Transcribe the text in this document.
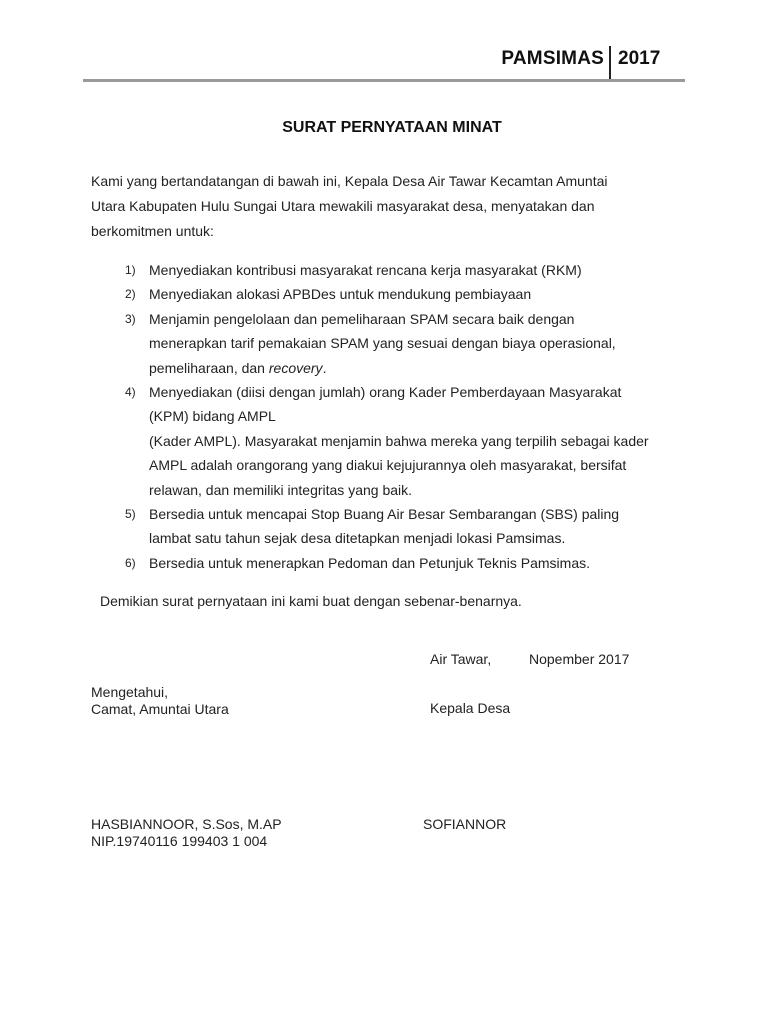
PAMSIMAS 2017
SURAT PERNYATAAN MINAT
Kami yang bertandatangan di bawah ini, Kepala Desa Air Tawar Kecamtan Amuntai
Utara Kabupaten Hulu Sungai Utara mewakili masyarakat desa, menyatakan dan
berkomitmen untuk:
1) Menyediakan kontribusi masyarakat rencana kerja masyarakat (RKM)
2) Menyediakan alokasi APBDes untuk mendukung pembiayaan
3) Menjamin pengelolaan dan pemeliharaan SPAM secara baik dengan
menerapkan tarif pemakaian SPAM yang sesuai dengan biaya operasional,
pemeliharaan, dan recovery.
4) Menyediakan (diisi dengan jumlah) orang Kader Pemberdayaan Masyarakat
(KPM) bidang AMPL
(Kader AMPL). Masyarakat menjamin bahwa mereka yang terpilih sebagai kader
AMPL adalah orangorang yang diakui kejujurannya oleh masyarakat, bersifat
relawan, dan memiliki integritas yang baik.
5) Bersedia untuk mencapai Stop Buang Air Besar Sembarangan (SBS) paling
lambat satu tahun sejak desa ditetapkan menjadi lokasi Pamsimas.
6) Bersedia untuk menerapkan Pedoman dan Petunjuk Teknis Pamsimas.
Demikian surat pernyataan ini kami buat dengan sebenar-benarnya.
Air Tawar,	Nopember 2017
Mengetahui,
Camat, Amuntai Utara	Kepala Desa
HASBIANNOOR, S.Sos, M.AP
NIP.19740116 199403 1 004
SOFIANNOR
